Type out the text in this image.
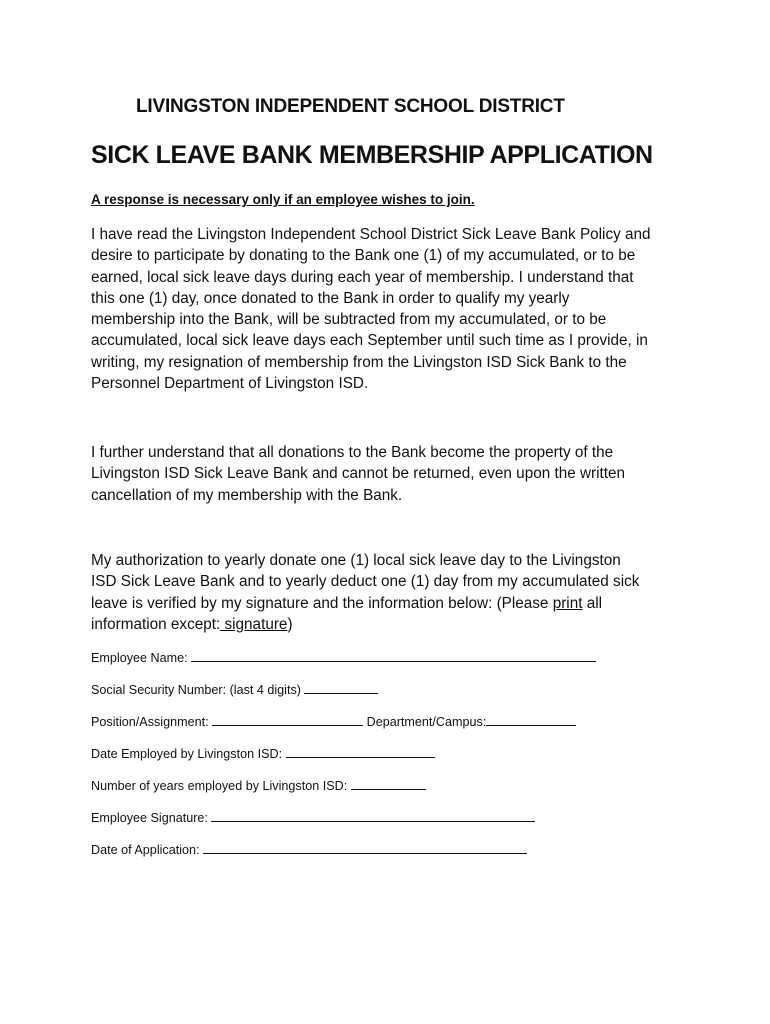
LIVINGSTON INDEPENDENT SCHOOL DISTRICT
SICK LEAVE BANK MEMBERSHIP APPLICATION
A response is necessary only if an employee wishes to join.
I have read the Livingston Independent School District Sick Leave Bank Policy and
desire to participate by donating to the Bank one (1) of my accumulated, or to be
earned, local sick leave days during each year of membership. I understand that
this one (1) day, once donated to the Bank in order to qualify my yearly
membership into the Bank, will be subtracted from my accumulated, or to be
accumulated, local sick leave days each September until such time as I provide, in
writing, my resignation of membership from the Livingston ISD Sick Bank to the
Personnel Department of Livingston ISD.
I further understand that all donations to the Bank become the property of the
Livingston ISD Sick Leave Bank and cannot be returned, even upon the written
cancellation of my membership with the Bank.
My authorization to yearly donate one (1) local sick leave day to the Livingston
ISD Sick Leave Bank and to yearly deduct one (1) day from my accumulated sick
leave is verified by my signature and the information below: (Please print all
information except: signature)
Employee Name:
Social Security Number: (last 4 digits)
Position/Assignment:	Department/Campus:
Date Employed by Livingston ISD:
Number of years employed by Livingston ISD:
Employee Signature:
Date of Application:
